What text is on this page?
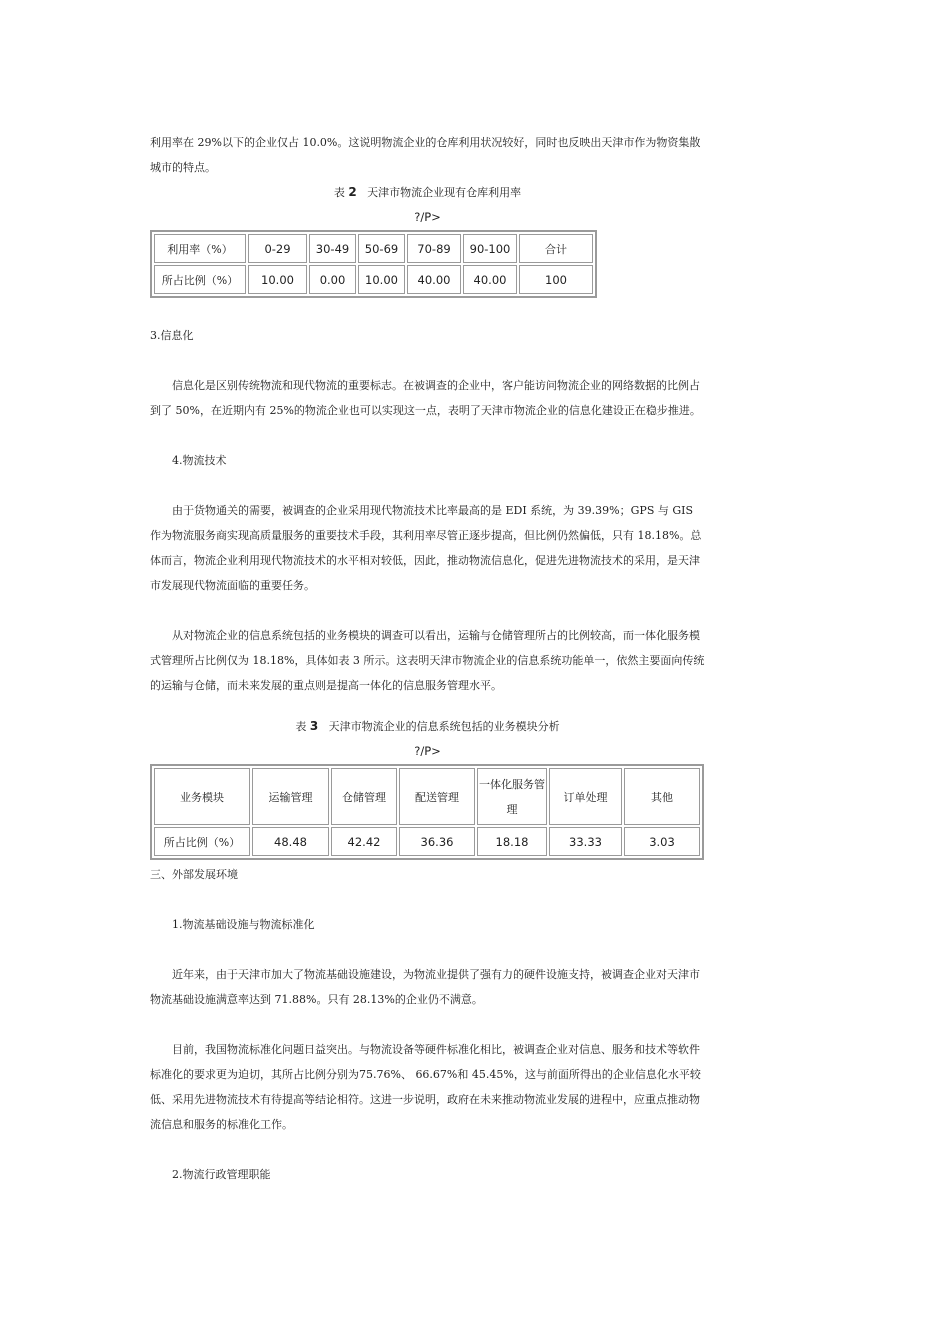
利用率在 29%以下的企业仅占 10.0%。这说明物流企业的仓库利用状况较好，同时也反映出天津市作为物资集散城市的特点。

表 2 天津市物流企业现有仓库利用率

?/P>

利用率（%）	0-29	30-49	50-69	70-89	90-100	合计
所占比例（%）	10.00	0.00	10.00	40.00	40.00	100

3.信息化

信息化是区别传统物流和现代物流的重要标志。在被调查的企业中，客户能访问物流企业的网络数据的比例占到了 50%，在近期内有 25%的物流企业也可以实现这一点，表明了天津市物流企业的信息化建设正在稳步推进。

4.物流技术

由于货物通关的需要，被调查的企业采用现代物流技术比率最高的是 EDI 系统，为 39.39%；GPS 与 GIS 作为物流服务商实现高质量服务的重要技术手段，其利用率尽管正逐步提高，但比例仍然偏低，只有 18.18%。总体而言，物流企业利用现代物流技术的水平相对较低，因此，推动物流信息化，促进先进物流技术的采用，是天津市发展现代物流面临的重要任务。

从对物流企业的信息系统包括的业务模块的调查可以看出，运输与仓储管理所占的比例较高，而一体化服务模式管理所占比例仅为 18.18%，具体如表 3 所示。这表明天津市物流企业的信息系统功能单一，依然主要面向传统的运输与仓储，而未来发展的重点则是提高一体化的信息服务管理水平。

表 3 天津市物流企业的信息系统包括的业务模块分析

?/P>

业务模块	运输管理	仓储管理	配送管理	一体化服务管理	订单处理	其他
所占比例（%）	48.48	42.42	36.36	18.18	33.33	3.03

三、外部发展环境

1.物流基础设施与物流标准化

近年来，由于天津市加大了物流基础设施建设，为物流业提供了强有力的硬件设施支持，被调查企业对天津市物流基础设施满意率达到 71.88%。只有 28.13%的企业仍不满意。

目前，我国物流标准化问题日益突出。与物流设备等硬件标准化相比，被调查企业对信息、服务和技术等软件标准化的要求更为迫切，其所占比例分别为75.76%、 66.67%和 45.45%，这与前面所得出的企业信息化水平较低、采用先进物流技术有待提高等结论相符。这进一步说明，政府在未来推动物流业发展的进程中，应重点推动物流信息和服务的标准化工作。

2.物流行政管理职能
